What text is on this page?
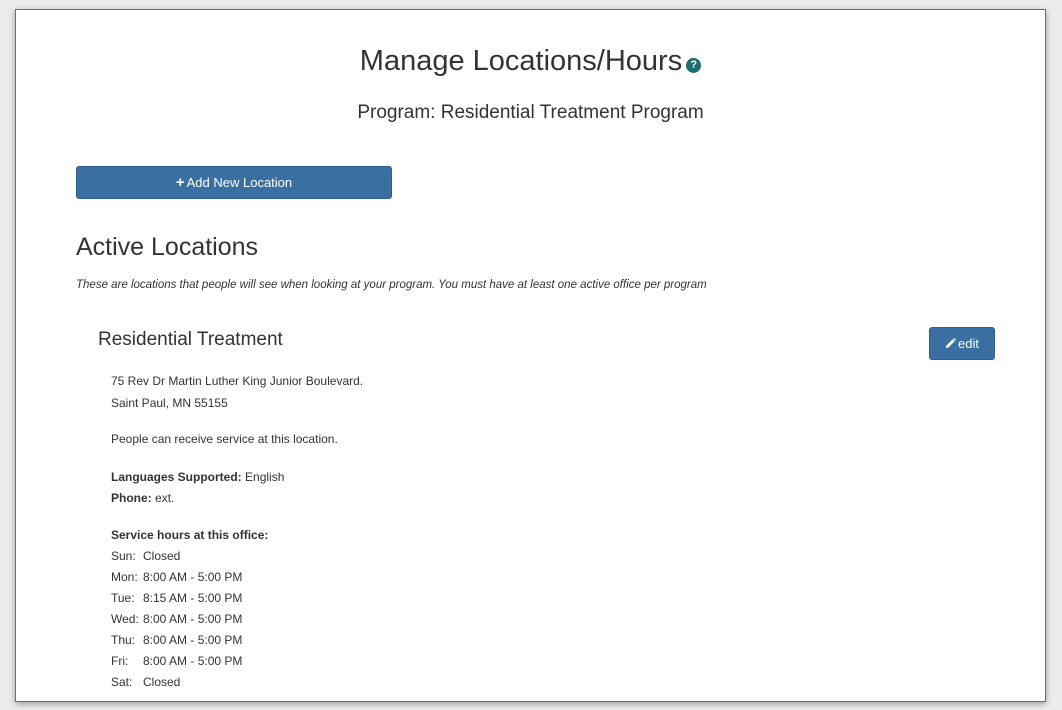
Manage Locations/Hours ?
Program: Residential Treatment Program
+ Add New Location
Active Locations
These are locations that people will see when looking at your program. You must have at least one active office per program
Residential Treatment	edit
75 Rev Dr Martin Luther King Junior Boulevard.
Saint Paul, MN 55155
People can receive service at this location.
Languages Supported: English
Phone: ext.
Service hours at this office:
Sun: Closed
Mon: 8:00 AM - 5:00 PM
Tue: 8:15 AM - 5:00 PM
Wed: 8:00 AM - 5:00 PM
Thu: 8:00 AM - 5:00 PM
Fri: 8:00 AM - 5:00 PM
Sat: Closed
